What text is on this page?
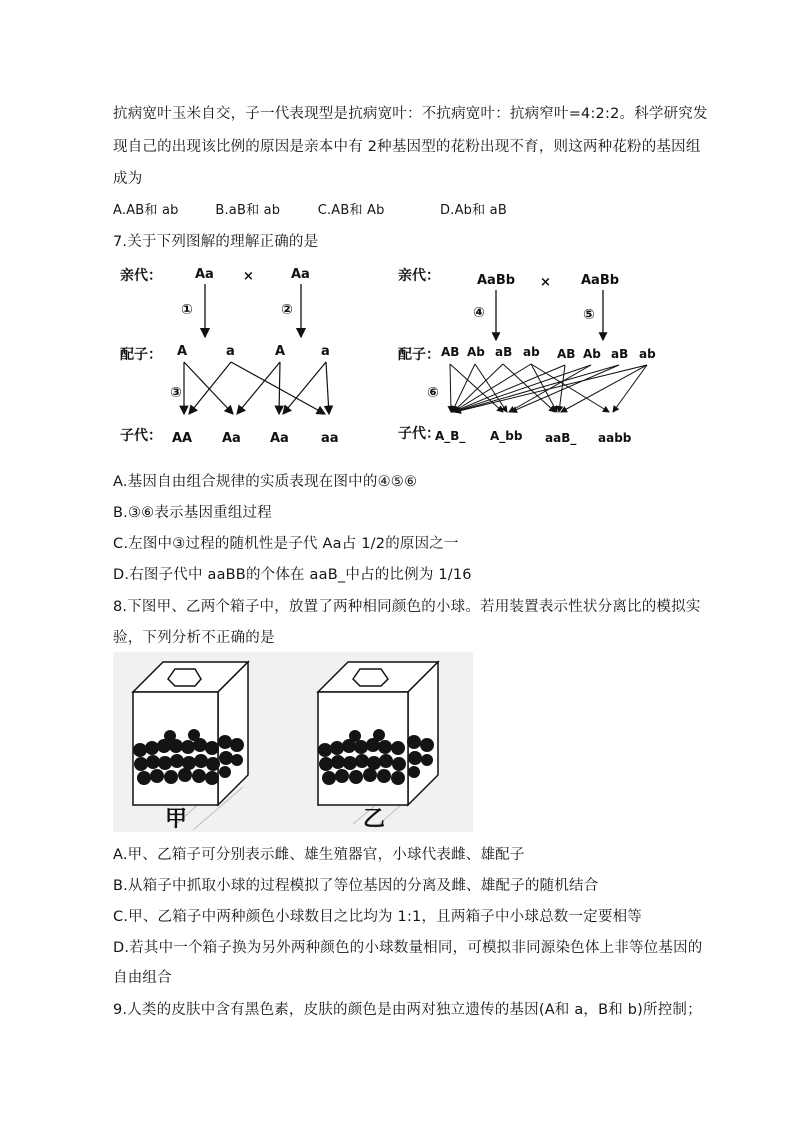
抗病宽叶玉米自交，子一代表现型是抗病宽叶：不抗病宽叶：抗病窄叶=4:2:2。科学研究发
现自己的出现该比例的原因是亲本中有 2种基因型的花粉出现不育，则这两种花粉的基因组
成为
A.AB和 ab	B.aB和 ab	C.AB和 Ab	D.Ab和 aB
7.关于下列图解的理解正确的是
亲代：
配子：
子代：
Aa ×	Aa
①	②
A	a	A	a
③
AA Aa Aa aa
亲代：
配子：
子代：
AaBb × AaBb
④	⑤
AB Ab aB ab AB Ab aB ab
⑥
A_B_ A_bb aaB_ aabb
A.基因自由组合规律的实质表现在图中的④⑤⑥
B.③⑥表示基因重组过程
C.左图中③过程的随机性是子代 Aa占 1/2的原因之一
D.右图子代中 aaBB的个体在 aaB_中占的比例为 1/16
8.下图甲、乙两个箱子中，放置了两种相同颜色的小球。若用装置表示性状分离比的模拟实
验，下列分析不正确的是
甲	乙
A.甲、乙箱子可分别表示雌、雄生殖器官，小球代表雌、雄配子
B.从箱子中抓取小球的过程模拟了等位基因的分离及雌、雄配子的随机结合
C.甲、乙箱子中两种颜色小球数目之比均为 1:1，且两箱子中小球总数一定要相等
D.若其中一个箱子换为另外两种颜色的小球数量相同，可模拟非同源染色体上非等位基因的
自由组合
9.人类的皮肤中含有黑色素，皮肤的颜色是由两对独立遗传的基因(A和 a，B和 b)所控制；
